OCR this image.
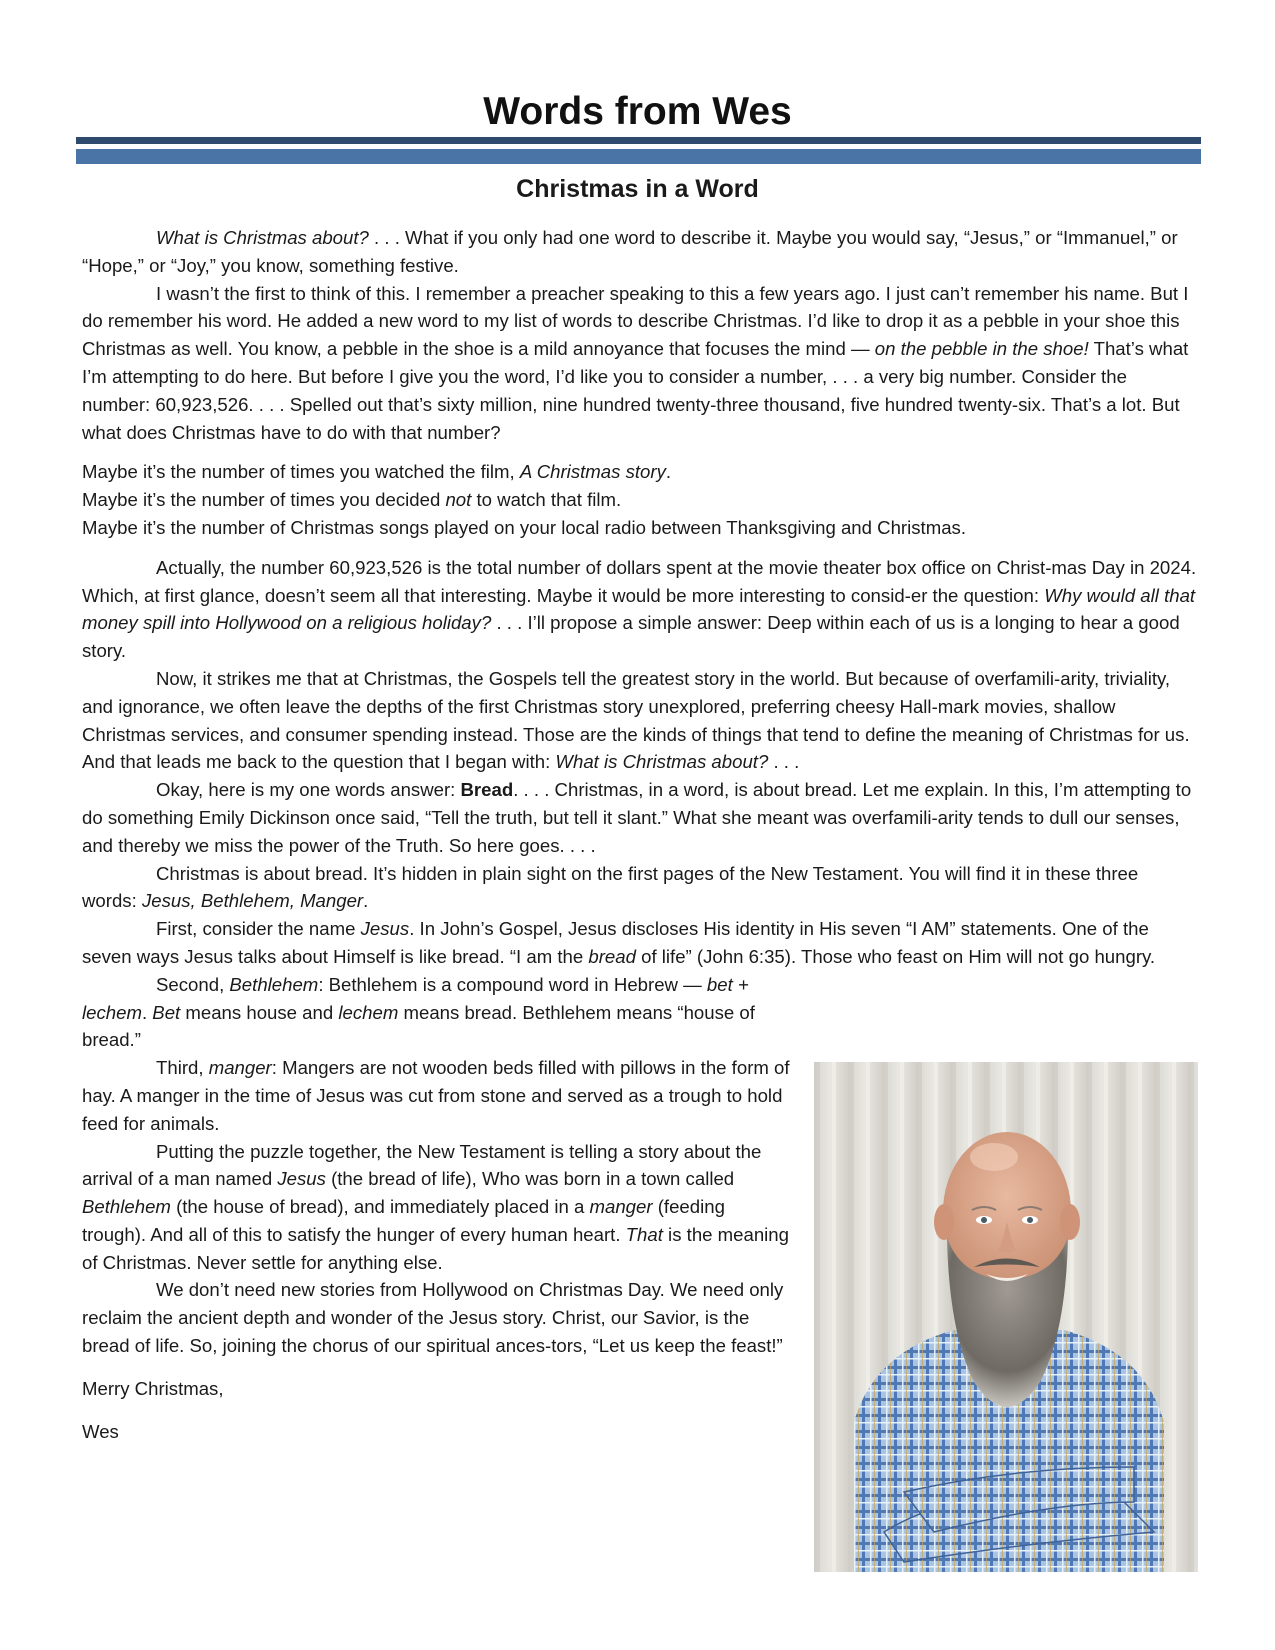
Words from Wes
Christmas in a Word

What is Christmas about? . . . What if you only had one word to describe it. Maybe you would say, “Jesus,” or “Immanuel,” or “Hope,” or “Joy,” you know, something festive.

I wasn’t the first to think of this. I remember a preacher speaking to this a few years ago. I just can’t remember his name. But I do remember his word. He added a new word to my list of words to describe Christmas. I’d like to drop it as a pebble in your shoe this Christmas as well. You know, a pebble in the shoe is a mild annoyance that focuses the mind — on the pebble in the shoe! That’s what I’m attempting to do here. But before I give you the word, I’d like you to consider a number, . . . a very big number. Consider the number: 60,923,526. . . . Spelled out that’s sixty million, nine hundred twenty-three thousand, five hundred twenty-six. That’s a lot. But what does Christmas have to do with that number?

Maybe it’s the number of times you watched the film, A Christmas story.

Maybe it’s the number of times you decided not to watch that film.

Maybe it’s the number of Christmas songs played on your local radio between Thanksgiving and Christmas.

Actually, the number 60,923,526 is the total number of dollars spent at the movie theater box office on Christ-mas Day in 2024. Which, at first glance, doesn’t seem all that interesting. Maybe it would be more interesting to consid-er the question: Why would all that money spill into Hollywood on a religious holiday? . . . I’ll propose a simple answer: Deep within each of us is a longing to hear a good story.

Now, it strikes me that at Christmas, the Gospels tell the greatest story in the world. But because of overfamili-arity, triviality, and ignorance, we often leave the depths of the first Christmas story unexplored, preferring cheesy Hall-mark movies, shallow Christmas services, and consumer spending instead. Those are the kinds of things that tend to define the meaning of Christmas for us. And that leads me back to the question that I began with: What is Christmas about? . . .

Okay, here is my one words answer: Bread. . . . Christmas, in a word, is about bread. Let me explain. In this, I’m attempting to do something Emily Dickinson once said, “Tell the truth, but tell it slant.” What she meant was overfamili-arity tends to dull our senses, and thereby we miss the power of the Truth. So here goes. . . .

Christmas is about bread. It’s hidden in plain sight on the first pages of the New Testament. You will find it in these three words: Jesus, Bethlehem, Manger.

First, consider the name Jesus. In John’s Gospel, Jesus discloses His identity in His seven “I AM” statements. One of the seven ways Jesus talks about Himself is like bread. “I am the bread of life” (John 6:35). Those who feast on Him will not go hungry.

Second, Bethlehem: Bethlehem is a compound word in Hebrew — bet + lechem. Bet means house and lechem means bread. Bethlehem means “house of bread.”

Third, manger: Mangers are not wooden beds filled with pillows in the form of hay. A manger in the time of Jesus was cut from stone and served as a trough to hold feed for animals.

Putting the puzzle together, the New Testament is telling a story about the arrival of a man named Jesus (the bread of life), Who was born in a town called Bethlehem (the house of bread), and immediately placed in a manger (feeding trough). And all of this to satisfy the hunger of every human heart. That is the meaning of Christmas. Never settle for anything else.

We don’t need new stories from Hollywood on Christmas Day. We need only reclaim the ancient depth and wonder of the Jesus story. Christ, our Savior, is the bread of life. So, joining the chorus of our spiritual ances-tors, “Let us keep the feast!”

Merry Christmas,

Wes
